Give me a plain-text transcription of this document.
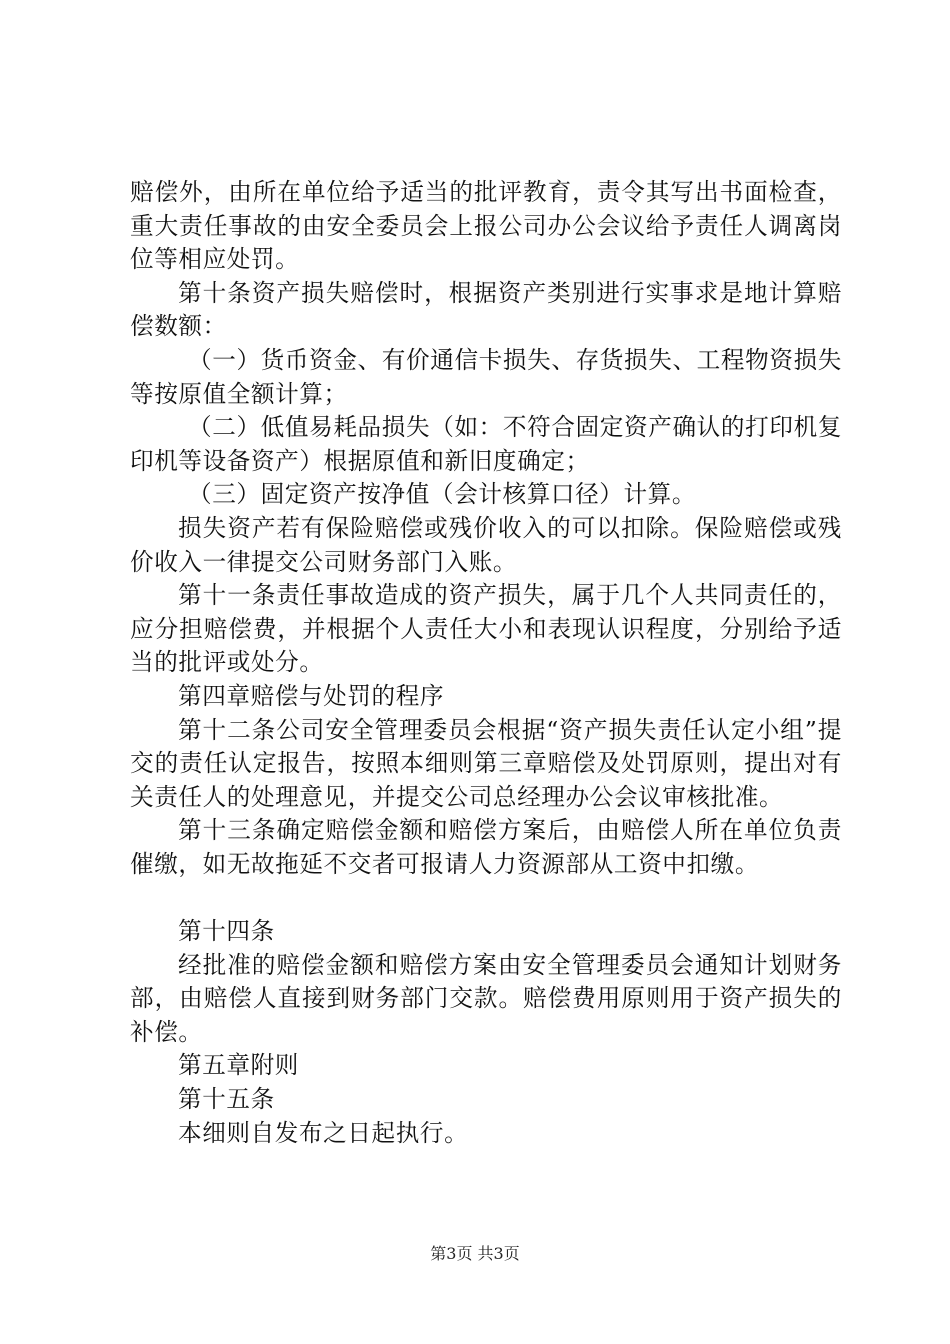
赔偿外，由所在单位给予适当的批评教育，责令其写出书面检查，重大责任事故的由安全委员会上报公司办公会议给予责任人调离岗位等相应处罚。

第十条资产损失赔偿时，根据资产类别进行实事求是地计算赔偿数额：

（一）货币资金、有价通信卡损失、存货损失、工程物资损失等按原值全额计算；

（二）低值易耗品损失（如：不符合固定资产确认的打印机复印机等设备资产）根据原值和新旧度确定；

（三）固定资产按净值（会计核算口径）计算。

损失资产若有保险赔偿或残价收入的可以扣除。保险赔偿或残价收入一律提交公司财务部门入账。

第十一条责任事故造成的资产损失，属于几个人共同责任的，应分担赔偿费，并根据个人责任大小和表现认识程度，分别给予适当的批评或处分。

第四章赔偿与处罚的程序

第十二条公司安全管理委员会根据“资产损失责任认定小组”提交的责任认定报告，按照本细则第三章赔偿及处罚原则，提出对有关责任人的处理意见，并提交公司总经理办公会议审核批准。

第十三条确定赔偿金额和赔偿方案后，由赔偿人所在单位负责催缴，如无故拖延不交者可报请人力资源部从工资中扣缴。

第十四条

经批准的赔偿金额和赔偿方案由安全管理委员会通知计划财务部，由赔偿人直接到财务部门交款。赔偿费用原则用于资产损失的补偿。

第五章附则

第十五条

本细则自发布之日起执行。

第3页 共3页
